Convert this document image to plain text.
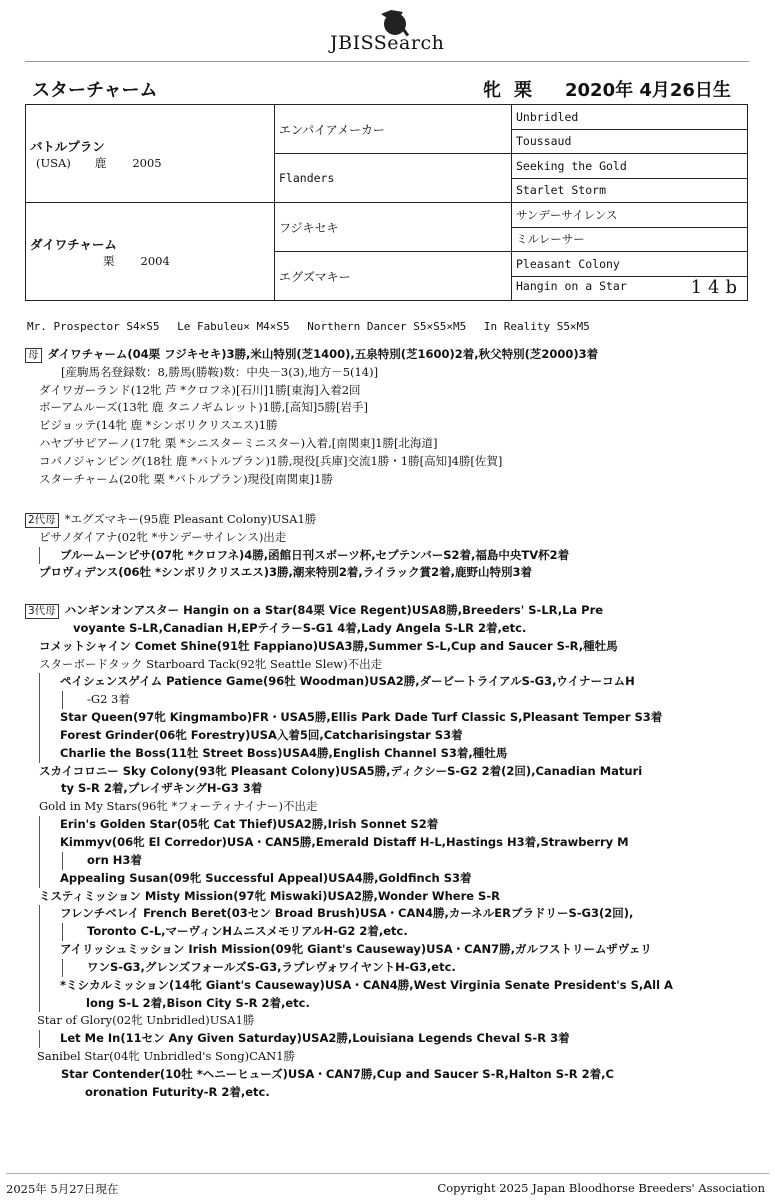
JBISSearch
スターチャーム	牝 栗 2020年 4月26日生
バトルプラン
(USA) 鹿 2005	エンパイアメーカー	Unbridled
		Toussaud
	Flanders	Seeking the Gold
		Starlet Storm

ダイワチャーム
栗 2004	フジキセキ	サンデーサイレンス
		ミルレーサー
	エグズマキー	Pleasant Colony
		Hangin on a Star 14b
Mr. Prospector S4×S5　 Le Fabuleu× M4×S5　 Northern Dancer S5×S5×M5　 In Reality S5×M5
母 ダイワチャーム(04栗 フジキセキ)3勝,米山特別(芝1400),五泉特別(芝1600)2着,秋父特別(芝2000)3着
[産駒馬名登録数：8,勝馬(勝鞍)数：中央－3(3),地方－5(14)]
ダイワガーランド(12牝 芦 *クロフネ)[石川]1勝[東海]入着2回
ボーアムルーズ(13牝 鹿 タニノギムレット)1勝,[高知]5勝[岩手]
ビジョッテ(14牝 鹿 *シンボリクリスエス)1勝
ハヤブサピアーノ(17牝 栗 *シニスターミニスター)入着,[南関東]1勝[北海道]
コパノジャンピング(18牡 鹿 *バトルプラン)1勝,現役[兵庫]交流1勝・1勝[高知]4勝[佐賀]
スターチャーム(20牝 栗 *バトルプラン)現役[南関東]1勝
2代母 *エグズマキー(95鹿 Pleasant Colony)USA1勝
ピサノダイアナ(02牝 *サンデーサイレンス)出走
ブルームーンピサ(07牝 *クロフネ)4勝,函館日刊スポーツ杯,セプテンバーS2着,福島中央TV杯2着
プロヴィデンス(06牡 *シンボリクリスエス)3勝,潮来特別2着,ライラック賞2着,鹿野山特別3着
3代母 ハンギンオンアスター Hangin on a Star(84栗 Vice Regent)USA8勝,Breeders' S-LR,La Pre
voyante S-LR,Canadian H,EPテイラーS-G1 4着,Lady Angela S-LR 2着,etc.
コメットシャイン Comet Shine(91牡 Fappiano)USA3勝,Summer S-L,Cup and Saucer S-R,種牡馬
スターボードタック Starboard Tack(92牝 Seattle Slew)不出走
ペイシェンスゲイム Patience Game(96牡 Woodman)USA2勝,ダービートライアルS-G3,ウイナーコムH
-G2 3着
Star Queen(97牝 Kingmambo)FR・USA5勝,Ellis Park Dade Turf Classic S,Pleasant Temper S3着
Forest Grinder(06牝 Forestry)USA入着5回,Catcharisingstar S3着
Charlie the Boss(11牡 Street Boss)USA4勝,English Channel S3着,種牡馬
スカイコロニー Sky Colony(93牝 Pleasant Colony)USA5勝,ディクシーS-G2 2着(2回),Canadian Maturi
ty S-R 2着,プレイザキングH-G3 3着
Gold in My Stars(96牝 *フォーティナイナー)不出走
Erin's Golden Star(05牝 Cat Thief)USA2勝,Irish Sonnet S2着
Kimmyv(06牝 El Corredor)USA・CAN5勝,Emerald Distaff H-L,Hastings H3着,Strawberry M
orn H3着
Appealing Susan(09牝 Successful Appeal)USA4勝,Goldfinch S3着
ミスティミッション Misty Mission(97牝 Miswaki)USA2勝,Wonder Where S-R
フレンチベレイ French Beret(03セン Broad Brush)USA・CAN4勝,カーネルERブラドリーS-G3(2回),
Toronto C-L,マーヴィンHムニスメモリアルH-G2 2着,etc.
アイリッシュミッション Irish Mission(09牝 Giant's Causeway)USA・CAN7勝,ガルフストリームザヴェリ
ワンS-G3,グレンズフォールズS-G3,ラプレヴォワイヤントH-G3,etc.
*ミシカルミッション(14牝 Giant's Causeway)USA・CAN4勝,West Virginia Senate President's S,All A
long S-L 2着,Bison City S-R 2着,etc.
Star of Glory(02牝 Unbridled)USA1勝
Let Me In(11セン Any Given Saturday)USA2勝,Louisiana Legends Cheval S-R 3着
Sanibel Star(04牝 Unbridled's Song)CAN1勝
Star Contender(10牡 *ヘニーヒューズ)USA・CAN7勝,Cup and Saucer S-R,Halton S-R 2着,C
oronation Futurity-R 2着,etc.
2025年 5月27日現在	Copyright 2025 Japan Bloodhorse Breeders' Association
